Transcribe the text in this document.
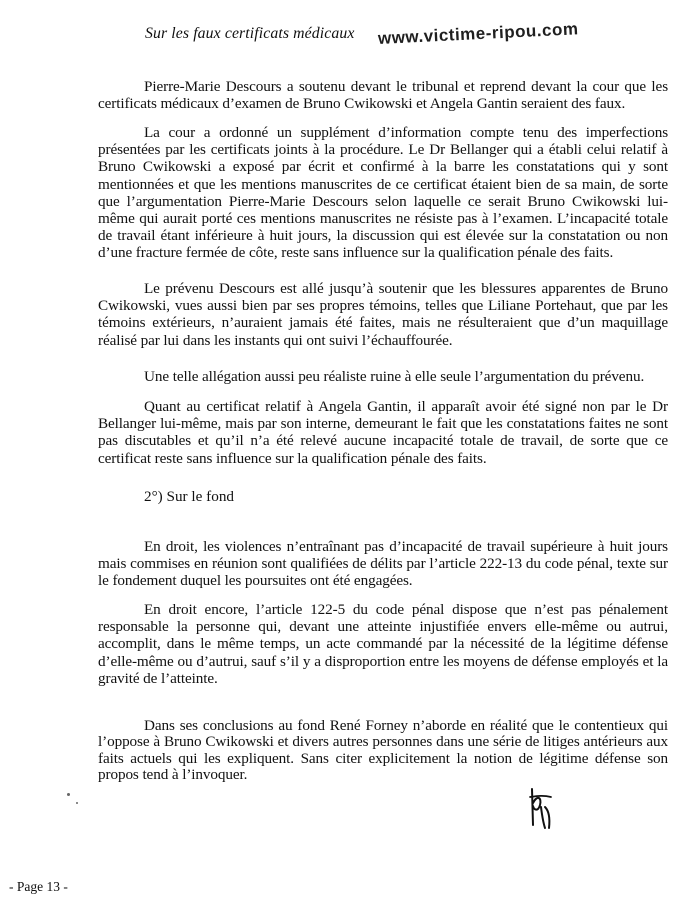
Sur les faux certificats médicaux www.victime-ripou.com

Pierre-Marie Descours a soutenu devant le tribunal et reprend devant la cour que les certificats médicaux d’examen de Bruno Cwikowski et Angela Gantin seraient des faux.

La cour a ordonné un supplément d’information compte tenu des imperfections présentées par les certificats joints à la procédure. Le Dr Bellanger qui a établi celui relatif à Bruno Cwikowski a exposé par écrit et confirmé à la barre les constatations qui y sont mentionnées et que les mentions manuscrites de ce certificat étaient bien de sa main, de sorte que l’argumentation Pierre-Marie Descours selon laquelle ce serait Bruno Cwikowski lui-même qui aurait porté ces mentions manuscrites ne résiste pas à l’examen. L’incapacité totale de travail étant inférieure à huit jours, la discussion qui est élevée sur la constatation ou non d’une fracture fermée de côte, reste sans influence sur la qualification pénale des faits.

Le prévenu Descours est allé jusqu’à soutenir que les blessures apparentes de Bruno Cwikowski, vues aussi bien par ses propres témoins, telles que Liliane Portehaut, que par les témoins extérieurs, n’auraient jamais été faites, mais ne résulteraient que d’un maquillage réalisé par lui dans les instants qui ont suivi l’échauffourée.

Une telle allégation aussi peu réaliste ruine à elle seule l’argumentation du prévenu.

Quant au certificat relatif à Angela Gantin, il apparaît avoir été signé non par le Dr Bellanger lui-même, mais par son interne, demeurant le fait que les constatations faites ne sont pas discutables et qu’il n’a été relevé aucune incapacité totale de travail, de sorte que ce certificat reste sans influence sur la qualification pénale des faits.

2°) Sur le fond

En droit, les violences n’entraînant pas d’incapacité de travail supérieure à huit jours mais commises en réunion sont qualifiées de délits par l’article 222-13 du code pénal, texte sur le fondement duquel les poursuites ont été engagées.

En droit encore, l’article 122-5 du code pénal dispose que n’est pas pénalement responsable la personne qui, devant une atteinte injustifiée envers elle-même ou autrui, accomplit, dans le même temps, un acte commandé par la nécessité de la légitime défense d’elle-même ou d’autrui, sauf s’il y a disproportion entre les moyens de défense employés et la gravité de l’atteinte.

Dans ses conclusions au fond René Forney n’aborde en réalité que le contentieux qui l’oppose à Bruno Cwikowski et divers autres personnes dans une série de litiges antérieurs aux faits actuels qui les expliquent. Sans citer explicitement la notion de légitime défense son propos tend à l’invoquer.

- Page 13 -
